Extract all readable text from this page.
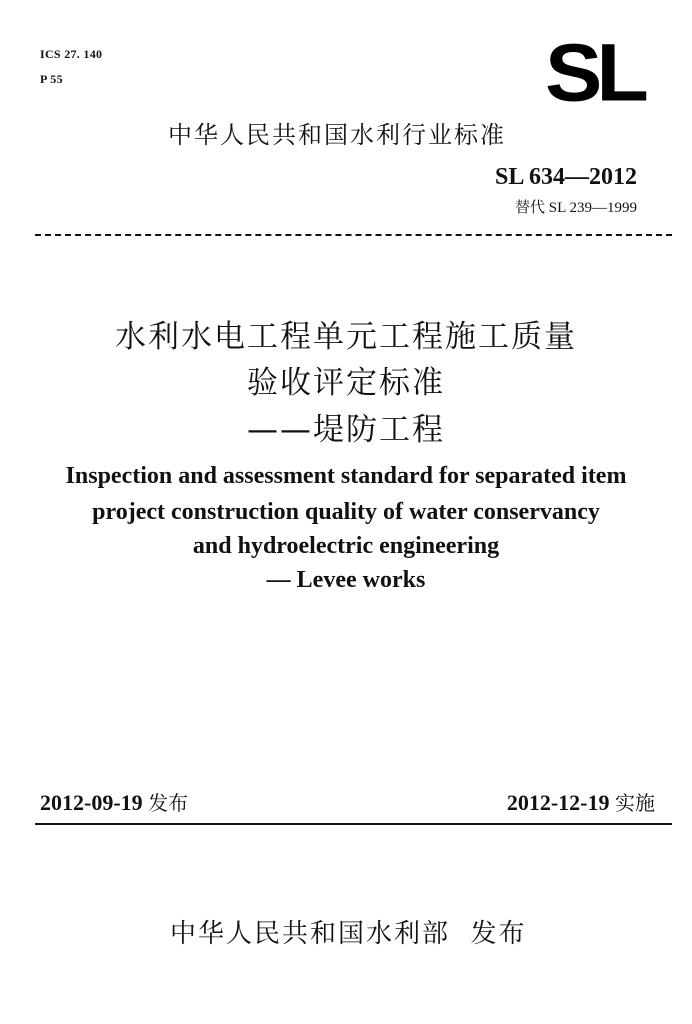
ICS 27. 140
P 55	SL
中华人民共和国水利行业标准
SL 634—2012
替代 SL 239—1999
水利水电工程单元工程施工质量
验收评定标准
——堤防工程
Inspection and assessment standard for separated item
project construction quality of water conservancy
and hydroelectric engineering
— Levee works
2012-09-19 发布	2012-12-19 实施
中华人民共和国水利部  发布
